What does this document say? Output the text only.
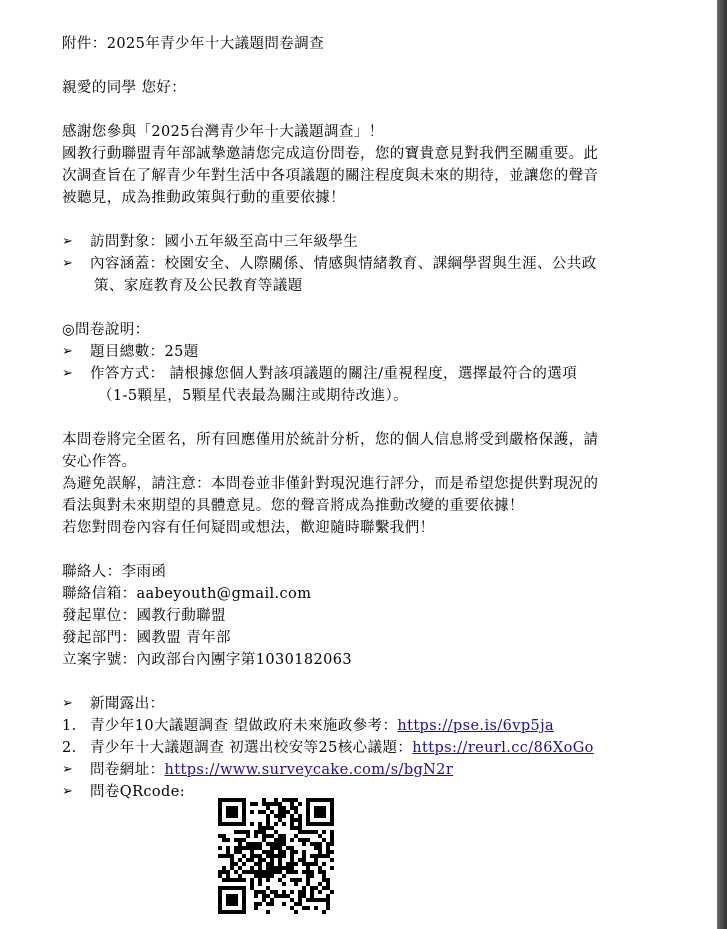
附件：2025年青少年十大議題問卷調查
親愛的同學 您好：
感謝您參與「2025台灣青少年十大議題調查」！
國教行動聯盟青年部誠摯邀請您完成這份問卷，您的寶貴意見對我們至關重要。此
次調查旨在了解青少年對生活中各項議題的關注程度與未來的期待，並讓您的聲音
被聽見，成為推動政策與行動的重要依據！
➢ 訪問對象：國小五年級至高中三年級學生
➢ 內容涵蓋：校園安全、人際關係、情感與情緒教育、課綱學習與生涯、公共政
策、家庭教育及公民教育等議題
◎問卷說明：
➢ 題目總數：25題
➢ 作答方式： 請根據您個人對該項議題的關注/重視程度，選擇最符合的選項
（1-5顆星，5顆星代表最為關注或期待改進）。
本問卷將完全匿名，所有回應僅用於統計分析，您的個人信息將受到嚴格保護，請
安心作答。
為避免誤解，請注意：本問卷並非僅針對現況進行評分，而是希望您提供對現況的
看法與對未來期望的具體意見。您的聲音將成為推動改變的重要依據！
若您對問卷內容有任何疑問或想法，歡迎隨時聯繫我們！
聯絡人：李雨函
聯絡信箱：aabeyouth@gmail.com
發起單位：國教行動聯盟
發起部門：國教盟 青年部
立案字號：內政部台內團字第1030182063
➢ 新聞露出：
1. 青少年10大議題調查 望做政府未來施政參考：https://pse.is/6vp5ja
2. 青少年十大議題調查 初選出校安等25核心議題：https://reurl.cc/86XoGo
➢ 問卷網址：https://www.surveycake.com/s/bgN2r
➢ 問卷QRcode:
